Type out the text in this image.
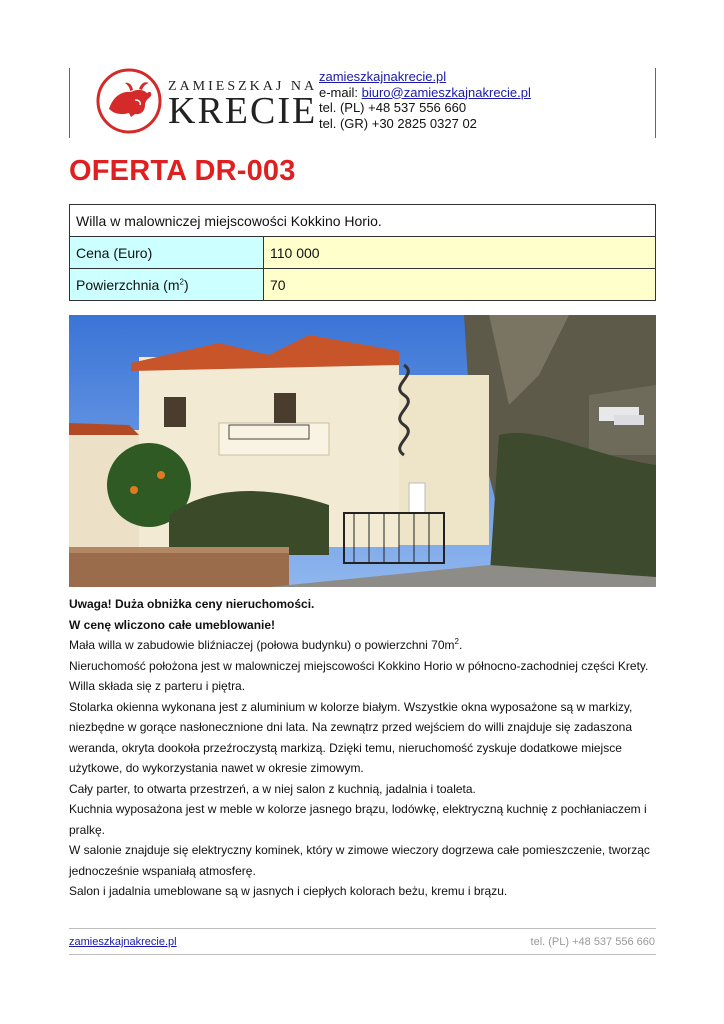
ZAMIESZKAJ NA
KRECIE
zamieszkajnakrecie.pl
e-mail: biuro@zamieszkajnakrecie.pl
tel. (PL) +48 537 556 660
tel. (GR) +30 2825 0327 02
OFERTA DR-003
Willa w malowniczej miejscowości Kokkino Horio.	
Cena (Euro)	110 000
Powierzchnia $(m^2)$	70

Uwaga! Duża obniżka ceny nieruchomości.

W cenę wliczono całe umeblowanie!

Mała willa w zabudowie bliźniaczej (połowa budynku) o powierzchni $70m^2$.

Nieruchomość położona jest w malowniczej miejscowości Kokkino Horio w północno-zachodniej części Krety. Willa składa się z parteru i piętra.

Stolarka okienna wykonana jest z aluminium w kolorze białym. Wszystkie okna wyposażone są w markizy, niezbędne w gorące nasłonecznione dni lata. Na zewnątrz przed wejściem do willi znajduje się zadaszona weranda, okryta dookoła przeźroczystą markizą. Dzięki temu, nieruchomość zyskuje dodatkowe miejsce użytkowe, do wykorzystania nawet w okresie zimowym.

Cały parter, to otwarta przestrzeń, a w niej salon z kuchnią, jadalnia i toaleta.

Kuchnia wyposażona jest w meble w kolorze jasnego brązu, lodówkę, elektryczną kuchnię z pochłaniaczem i pralkę.

W salonie znajduje się elektryczny kominek, który w zimowe wieczory dogrzewa całe pomieszczenie, tworząc jednocześnie wspaniałą atmosferę.

Salon i jadalnia umeblowane są w jasnych i ciepłych kolorach beżu, kremu i brązu.

zamieszkajnakrecie.pl	tel. (PL) +48 537 556 660
